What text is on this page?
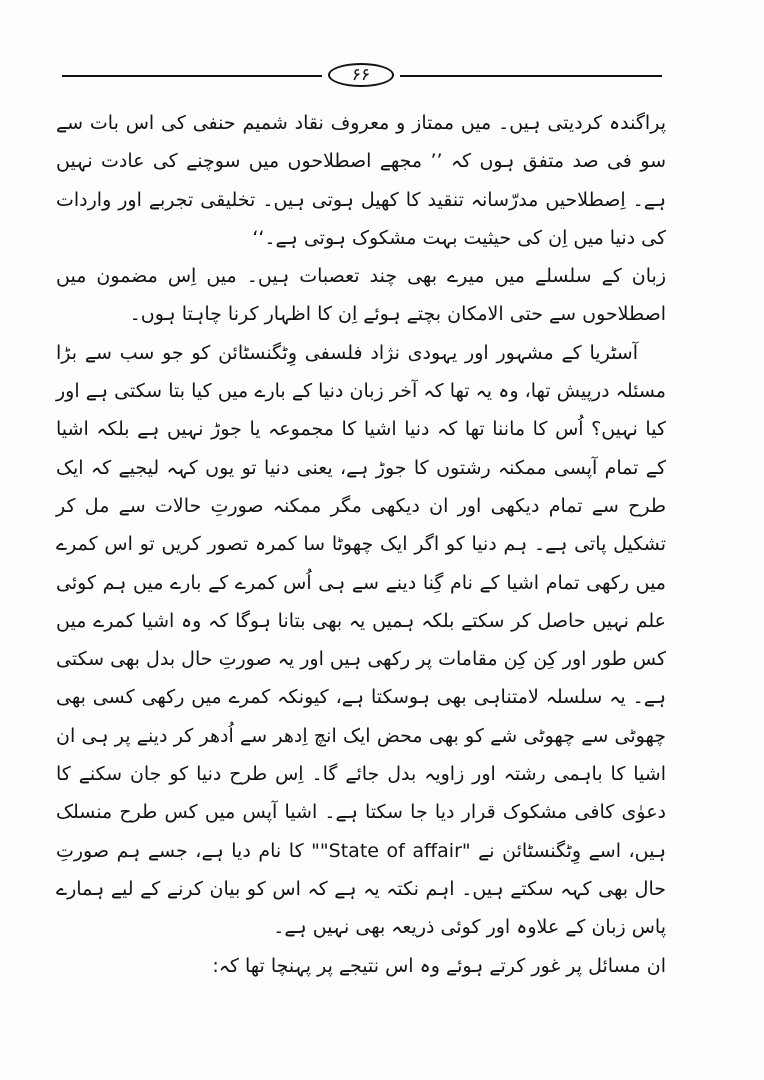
۶۶

پراگندہ کردیتی ہیں۔ میں ممتاز و معروف نقاد شمیم حنفی کی اس بات سے سو فی صد متفق ہوں کہ ’’ مجھے اصطلاحوں میں سوچنے کی عادت نہیں ہے۔ اِصطلاحیں مدرّسانہ تنقید کا کھیل ہوتی ہیں۔ تخلیقی تجربے اور واردات کی دنیا میں اِن کی حیثیت بہت مشکوک ہوتی ہے۔‘‘

زبان کے سلسلے میں میرے بھی چند تعصبات ہیں۔ میں اِس مضمون میں اصطلاحوں سے حتی الامکان بچتے ہوئے اِن کا اظہار کرنا چاہتا ہوں۔

آسٹریا کے مشہور اور یہودی نژاد فلسفی وِٹگنسٹائن کو جو سب سے بڑا مسئلہ درپیش تھا، وہ یہ تھا کہ آخر زبان دنیا کے بارے میں کیا بتا سکتی ہے اور کیا نہیں؟ اُس کا ماننا تھا کہ دنیا اشیا کا مجموعہ یا جوڑ نہیں ہے بلکہ اشیا کے تمام آپسی ممکنہ رشتوں کا جوڑ ہے، یعنی دنیا تو یوں کہہ لیجیے کہ ایک طرح سے تمام دیکھی اور ان دیکھی مگر ممکنہ صورتِ حالات سے مل کر تشکیل پاتی ہے۔ ہم دنیا کو اگر ایک چھوٹا سا کمرہ تصور کریں تو اس کمرے میں رکھی تمام اشیا کے نام گِنا دینے سے ہی اُس کمرے کے بارے میں ہم کوئی علم نہیں حاصل کر سکتے بلکہ ہمیں یہ بھی بتانا ہوگا کہ وہ اشیا کمرے میں کس طور اور کِن کِن مقامات پر رکھی ہیں اور یہ صورتِ حال بدل بھی سکتی ہے۔ یہ سلسلہ لامتناہی بھی ہوسکتا ہے، کیونکہ کمرے میں رکھی کسی بھی چھوٹی سے چھوٹی شے کو بھی محض ایک انچ اِدھر سے اُدھر کر دینے پر ہی ان اشیا کا باہمی رشتہ اور زاویہ بدل جائے گا۔ اِس طرح دنیا کو جان سکنے کا دعوٰی کافی مشکوک قرار دیا جا سکتا ہے۔ اشیا آپس میں کس طرح منسلک ہیں، اسے وِٹگنسٹائن نے "State of affair"" کا نام دیا ہے، جسے ہم صورتِ حال بھی کہہ سکتے ہیں۔ اہم نکتہ یہ ہے کہ اس کو بیان کرنے کے لیے ہمارے پاس زبان کے علاوہ اور کوئی ذریعہ بھی نہیں ہے۔

ان مسائل پر غور کرتے ہوئے وہ اس نتیجے پر پہنچا تھا کہ:
